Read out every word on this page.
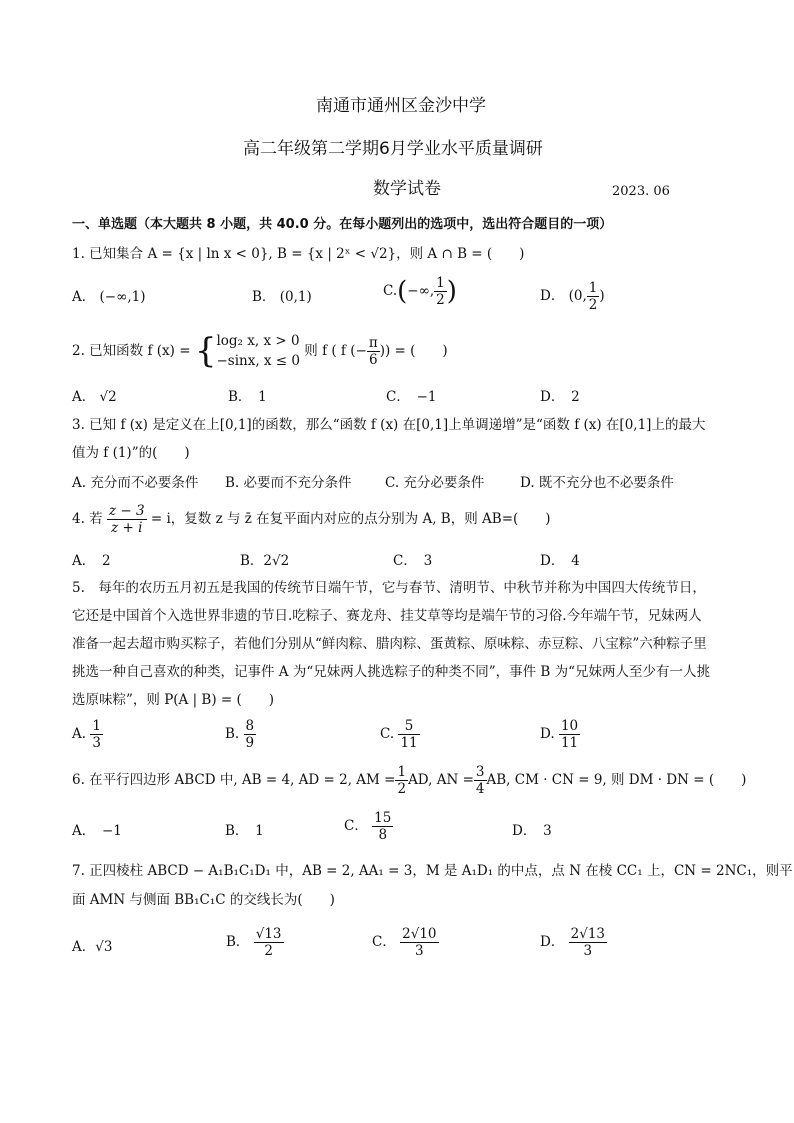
南通市通州区金沙中学
高二年级第二学期6月学业水平质量调研
数学试卷	2023. 06
一、单选题（本大题共 8 小题，共 40.0 分。在每小题列出的选项中，选出符合题目的一项）
1. 已知集合 A = {x | ln x < 0}, B = {x | 2ˣ < √2}，则 A ∩ B = (　　)
A． (−∞,1)	B． (0,1)	C.(−∞, $\frac{1}{2}$ )	D． (0, $\frac{1}{2}$ )
2. 已知函数 f (x) = { log₂ x, x > 0
−sinx, x ≤ 0
则 f ( f (− $\frac{\pi}{6}$ )) = (　　)
A． √2	B．　1	C．　−1	D．　2
3. 已知 f (x) 是定义在上[0,1]的函数，那么“函数 f (x) 在[0,1]上单调递增”是“函数 f (x) 在[0,1]上的最大
值为 f (1)”的(　　)
A. 充分而不必要条件 B. 必要而不充分条件 C. 充分必要条件	D. 既不充分也不必要条件
4. 若 $\frac{z - 3}{z + i} = i$，复数 z 与 z̄ 在复平面内对应的点分别为 A, B，则 AB=(　　)
A．　2	B．2√2	C．　3	D．　4
5.　每年的农历五月初五是我国的传统节日端午节，它与春节、清明节、中秋节并称为中国四大传统节日，
它还是中国首个入选世界非遗的节日.吃粽子、赛龙舟、挂艾草等均是端午节的习俗.今年端午节，兄妹两人
准备一起去超市购买粽子，若他们分别从“鲜肉粽、腊肉粽、蛋黄粽、原味粽、赤豆粽、八宝粽”六种粽子里
挑选一种自己喜欢的种类，记事件 A 为“兄妹两人挑选粽子的种类不同”，事件 B 为“兄妹两人至少有一人挑
选原味粽”，则 P(A | B) = (　　)
A. $\frac{1}{3}$	B. $\frac{8}{9}$	C. $\frac{5}{11}$	D. $\frac{10}{11}$
6. 在平行四边形 ABCD 中, AB = 4, AD = 2, AM = $\frac{1}{2}$ AD, AN = $\frac{3}{4}$ AB, CM · CN = 9, 则 DM · DN = (　　)
A．　−1	B．　1	C． $\frac{15}{8}$	D．　3
7. 正四棱柱 ABCD − A₁B₁C₁D₁ 中，AB = 2, AA₁ = 3，M 是 A₁D₁ 的中点，点 N 在棱 CC₁ 上，CN = 2NC₁，则平
面 AMN 与侧面 BB₁C₁C 的交线长为(　　)
A．√3	B． $\frac{√13}{2}$	C． $\frac{2√10}{3}$	D． $\frac{2√13}{3}$
